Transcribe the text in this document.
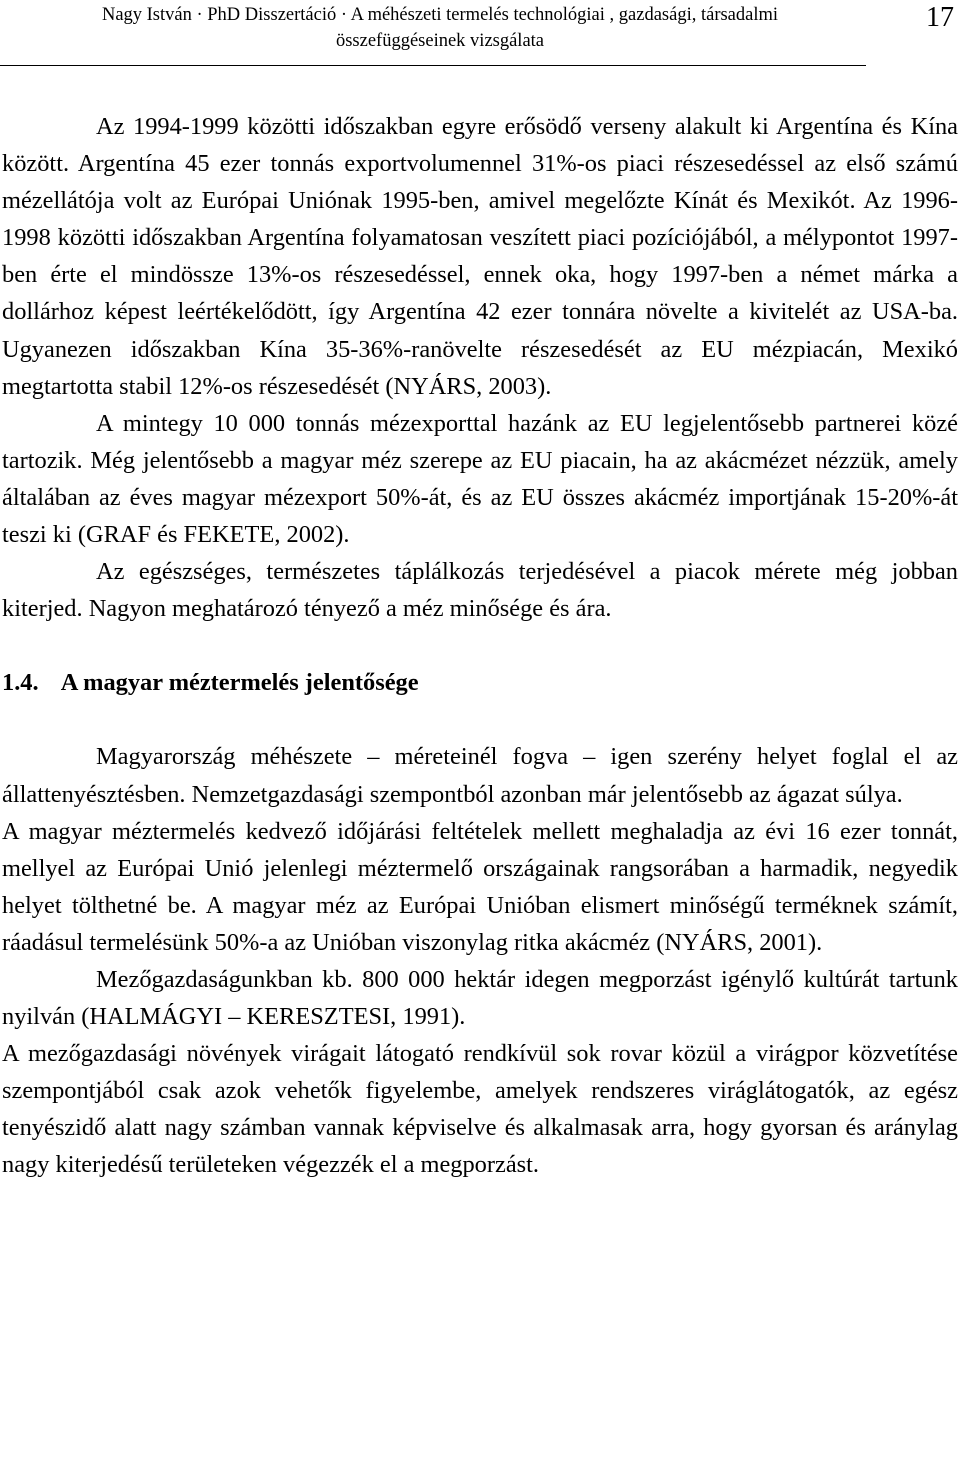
Nagy István · PhD Disszertáció · A méhészeti termelés technológiai , gazdasági, társadalmi
összefüggéseinek vizsgálata
17

Az 1994-1999 közötti időszakban egyre erősödő verseny alakult ki Argentína és Kína között. Argentína 45 ezer tonnás exportvolumennel 31%-os piaci részesedéssel az első számú mézellátója volt az Európai Uniónak 1995-ben, amivel megelőzte Kínát és Mexikót. Az 1996-1998 közötti időszakban Argentína folyamatosan veszített piaci pozíciójából, a mélypontot 1997-ben érte el mindössze 13%-os részesedéssel, ennek oka, hogy 1997-ben a német márka a dollárhoz képest leértékelődött, így Argentína 42 ezer tonnára növelte a kivitelét az USA-ba. Ugyanezen időszakban Kína 35-36%-ranövelte részesedését az EU mézpiacán, Mexikó megtartotta stabil 12%-os részesedését (NYÁRS, 2003).

A mintegy 10 000 tonnás mézexporttal hazánk az EU legjelentősebb partnerei közé tartozik. Még jelentősebb a magyar méz szerepe az EU piacain, ha az akácmézet nézzük, amely általában az éves magyar mézexport 50%-át, és az EU összes akácméz importjának 15-20%-át teszi ki (GRAF és FEKETE, 2002).

Az egészséges, természetes táplálkozás terjedésével a piacok mérete még jobban kiterjed. Nagyon meghatározó tényező a méz minősége és ára.

1.4. A magyar méztermelés jelentősége

Magyarország méhészete – méreteinél fogva – igen szerény helyet foglal el az állattenyésztésben. Nemzetgazdasági szempontból azonban már jelentősebb az ágazat súlya.

A magyar méztermelés kedvező időjárási feltételek mellett meghaladja az évi 16 ezer tonnát, mellyel az Európai Unió jelenlegi méztermelő országainak rangsorában a harmadik, negyedik helyet tölthetné be. A magyar méz az Európai Unióban elismert minőségű terméknek számít, ráadásul termelésünk 50%-a az Unióban viszonylag ritka akácméz (NYÁRS, 2001).

Mezőgazdaságunkban kb. 800 000 hektár idegen megporzást igénylő kultúrát tartunk nyilván (HALMÁGYI – KERESZTESI, 1991).

A mezőgazdasági növények virágait látogató rendkívül sok rovar közül a virágpor közvetítése szempontjából csak azok vehetők figyelembe, amelyek rendszeres viráglátogatók, az egész tenyészidő alatt nagy számban vannak képviselve és alkalmasak arra, hogy gyorsan és aránylag nagy kiterjedésű területeken végezzék el a megporzást.
